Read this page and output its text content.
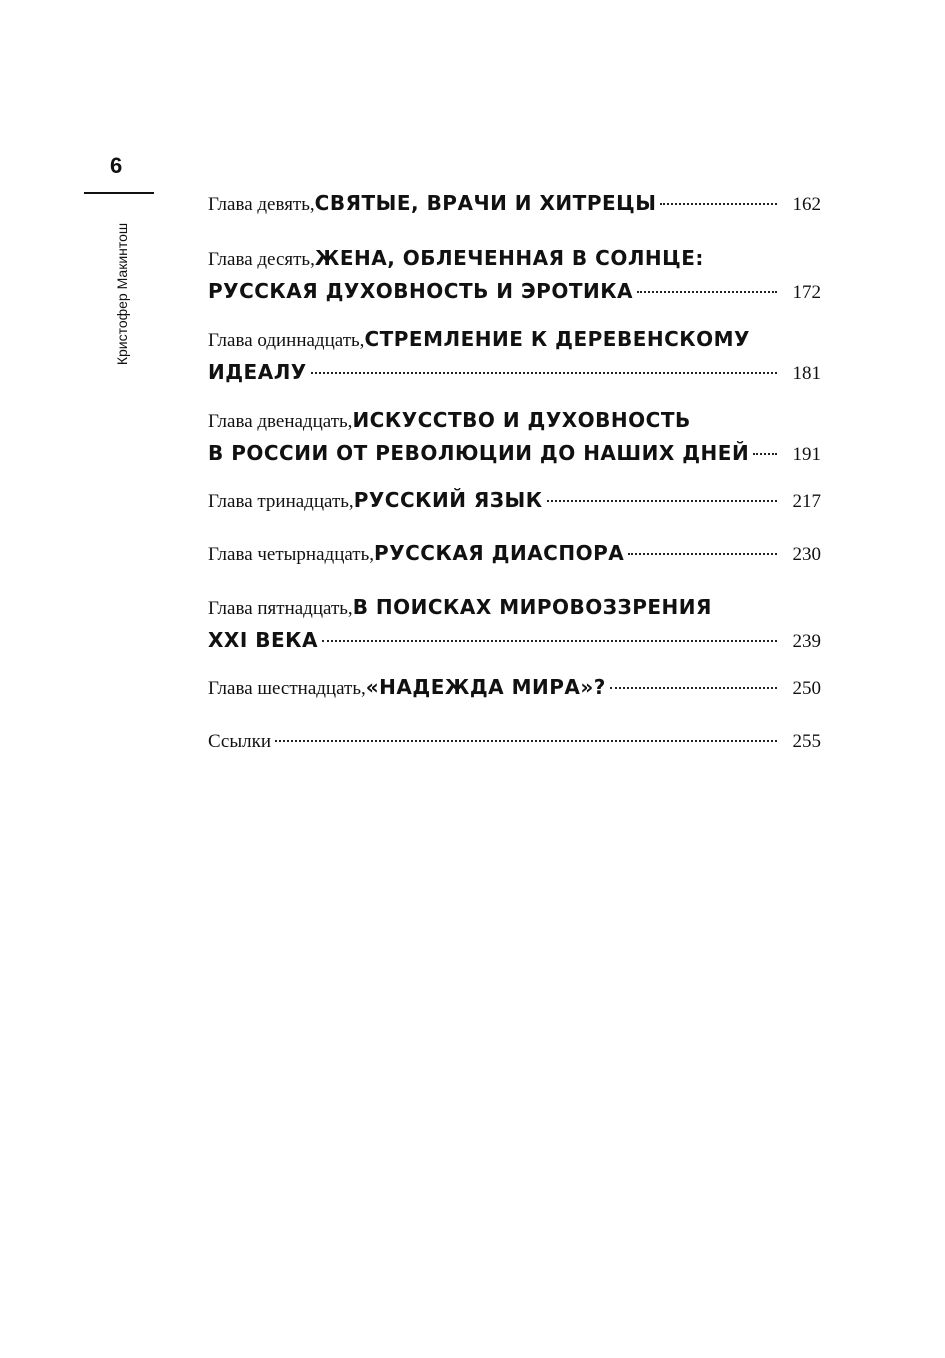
6
Кристофер Макинтош
Глава девять, СВЯТЫЕ, ВРАЧИ И ХИТРЕЦЫ	162
Глава десять, ЖЕНА, ОБЛЕЧЕННАЯ В СОЛНЦЕ:
РУССКАЯ ДУХОВНОСТЬ И ЭРОТИКА	172
Глава одиннадцать, СТРЕМЛЕНИЕ К ДЕРЕВЕНСКОМУ
ИДЕАЛУ	181
Глава двенадцать, ИСКУССТВО И ДУХОВНОСТЬ
В РОССИИ ОТ РЕВОЛЮЦИИ ДО НАШИХ ДНЕЙ	191
Глава тринадцать, РУССКИЙ ЯЗЫК	217
Глава четырнадцать, РУССКАЯ ДИАСПОРА	230
Глава пятнадцать, В ПОИСКАХ МИРОВОЗЗРЕНИЯ
XXI ВЕКА	239
Глава шестнадцать, «НАДЕЖДА МИРА»?	250
Ссылки	255
